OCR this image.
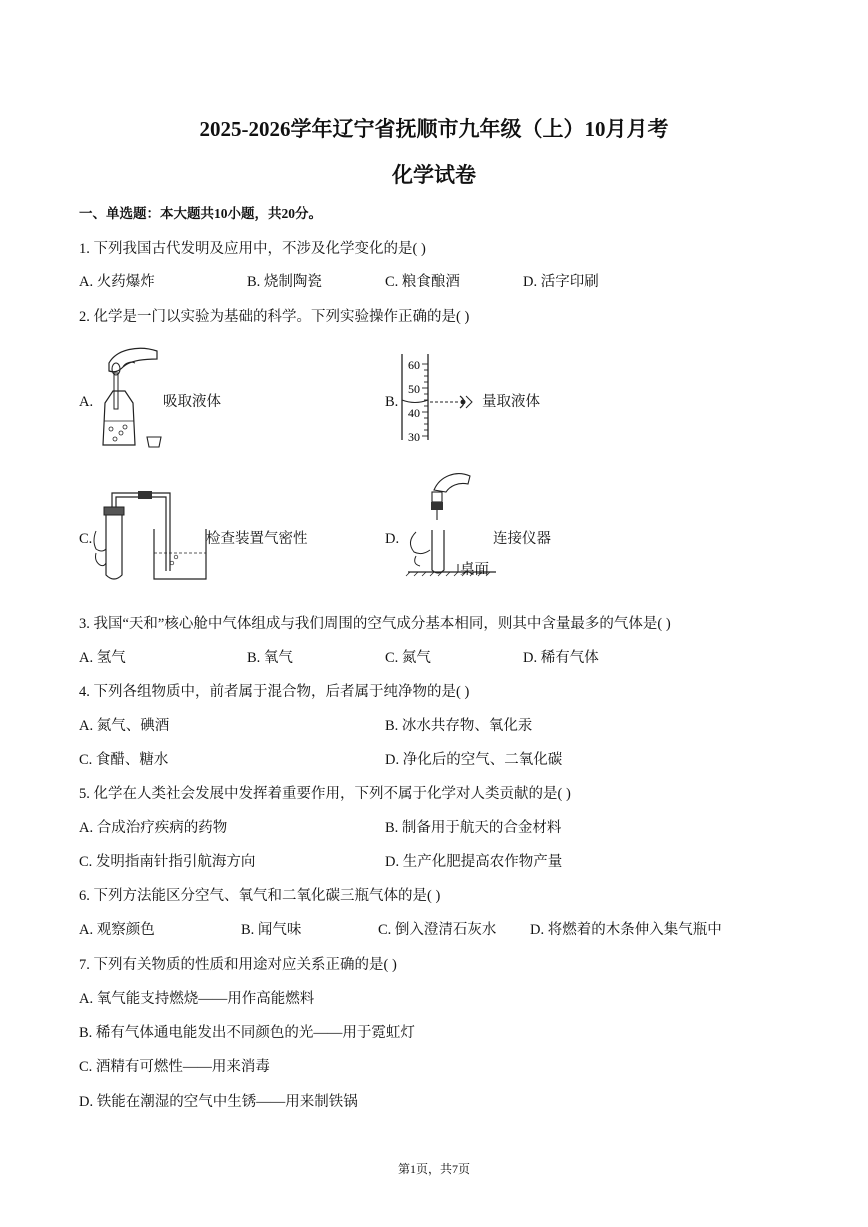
2025-2026学年辽宁省抚顺市九年级（上）10月月考
化学试卷
一、单选题：本大题共10小题，共20分。
1. 下列我国古代发明及应用中，不涉及化学变化的是( )
A. 火药爆炸	B. 烧制陶瓷	C. 粮食酿酒	D. 活字印刷
2. 化学是一门以实验为基础的科学。下列实验操作正确的是( )
A.	吸取液体	B.
60
50
40
30
量取液体
C.	检查装置气密性	D.	连接仪器
桌面
3. 我国“天和”核心舱中气体组成与我们周围的空气成分基本相同，则其中含量最多的气体是( )
A. 氢气	B. 氧气	C. 氮气	D. 稀有气体
4. 下列各组物质中，前者属于混合物，后者属于纯净物的是( )
A. 氮气、碘酒	B. 冰水共存物、氧化汞
C. 食醋、糖水	D. 净化后的空气、二氧化碳
5. 化学在人类社会发展中发挥着重要作用，下列不属于化学对人类贡献的是( )
A. 合成治疗疾病的药物	B. 制备用于航天的合金材料
C. 发明指南针指引航海方向	D. 生产化肥提高农作物产量
6. 下列方法能区分空气、氧气和二氧化碳三瓶气体的是( )
A. 观察颜色	B. 闻气味	C. 倒入澄清石灰水 D. 将燃着的木条伸入集气瓶中
7. 下列有关物质的性质和用途对应关系正确的是( )
A. 氧气能支持燃烧——用作高能燃料
B. 稀有气体通电能发出不同颜色的光——用于霓虹灯
C. 酒精有可燃性——用来消毒
D. 铁能在潮湿的空气中生锈——用来制铁锅
第1页，共7页
